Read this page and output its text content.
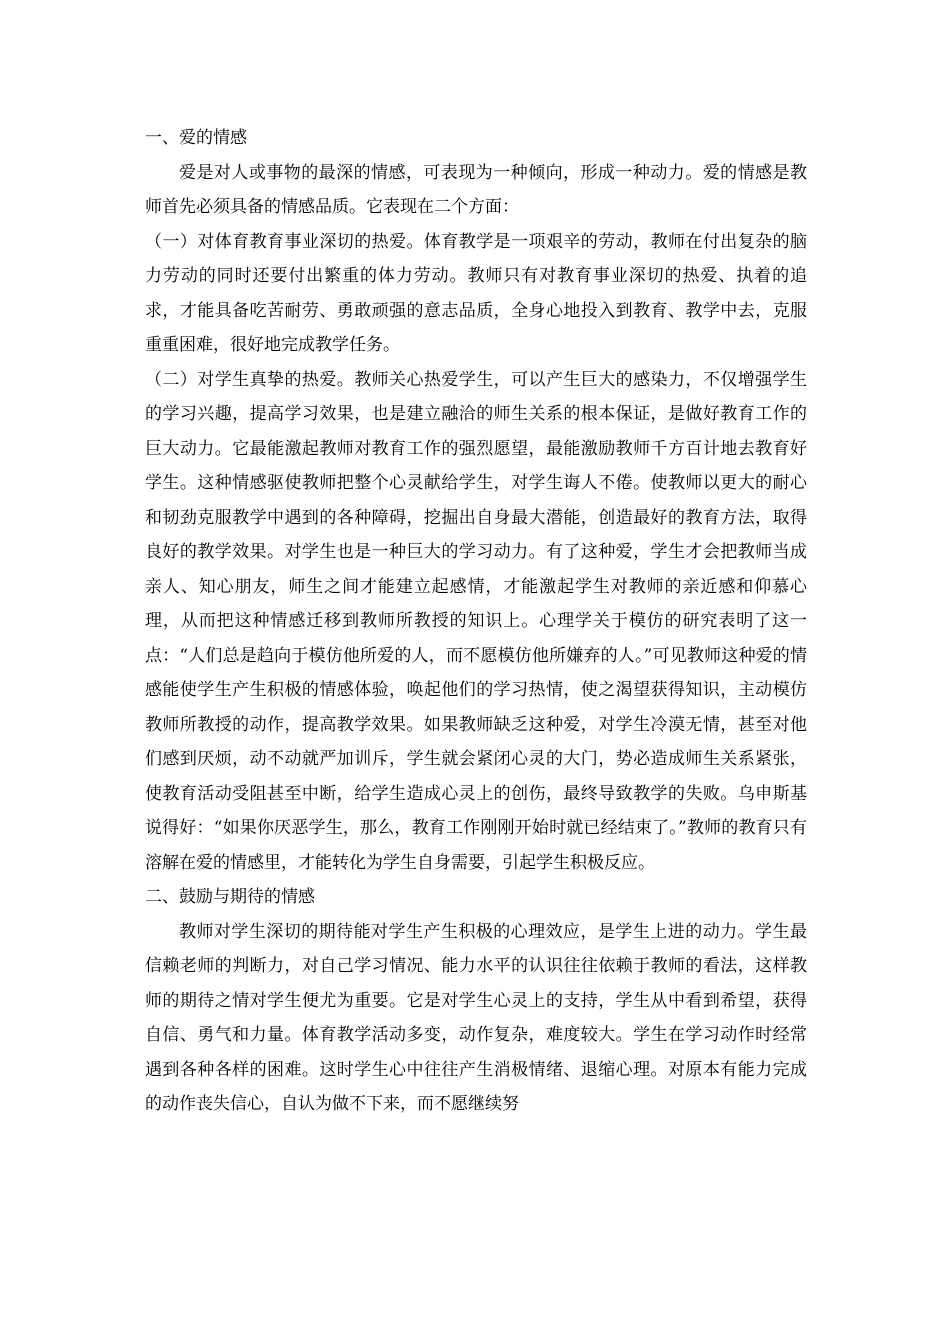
一、爱的情感

爱是对人或事物的最深的情感，可表现为一种倾向，形成一种动力。爱的情感是教师首先必须具备的情感品质。它表现在二个方面：

（一）对体育教育事业深切的热爱。体育教学是一项艰辛的劳动，教师在付出复杂的脑力劳动的同时还要付出繁重的体力劳动。教师只有对教育事业深切的热爱、执着的追求，才能具备吃苦耐劳、勇敢顽强的意志品质，全身心地投入到教育、教学中去，克服重重困难，很好地完成教学任务。

（二）对学生真挚的热爱。教师关心热爱学生，可以产生巨大的感染力，不仅增强学生的学习兴趣，提高学习效果，也是建立融洽的师生关系的根本保证，是做好教育工作的巨大动力。它最能激起教师对教育工作的强烈愿望，最能激励教师千方百计地去教育好学生。这种情感驱使教师把整个心灵献给学生，对学生诲人不倦。使教师以更大的耐心和韧劲克服教学中遇到的各种障碍，挖掘出自身最大潜能，创造最好的教育方法，取得良好的教学效果。对学生也是一种巨大的学习动力。有了这种爱，学生才会把教师当成亲人、知心朋友，师生之间才能建立起感情，才能激起学生对教师的亲近感和仰慕心理，从而把这种情感迁移到教师所教授的知识上。心理学关于模仿的研究表明了这一点：“人们总是趋向于模仿他所爱的人，而不愿模仿他所嫌弃的人。”可见教师这种爱的情感能使学生产生积极的情感体验，唤起他们的学习热情，使之渴望获得知识，主动模仿教师所教授的动作，提高教学效果。如果教师缺乏这种爱，对学生冷漠无情，甚至对他们感到厌烦，动不动就严加训斥，学生就会紧闭心灵的大门，势必造成师生关系紧张，使教育活动受阻甚至中断，给学生造成心灵上的创伤，最终导致教学的失败。乌申斯基说得好：“如果你厌恶学生，那么，教育工作刚刚开始时就已经结束了。”教师的教育只有溶解在爱的情感里，才能转化为学生自身需要，引起学生积极反应。

二、鼓励与期待的情感

教师对学生深切的期待能对学生产生积极的心理效应，是学生上进的动力。学生最信赖老师的判断力，对自己学习情况、能力水平的认识往往依赖于教师的看法，这样教师的期待之情对学生便尤为重要。它是对学生心灵上的支持，学生从中看到希望，获得自信、勇气和力量。体育教学活动多变，动作复杂，难度较大。学生在学习动作时经常遇到各种各样的困难。这时学生心中往往产生消极情绪、退缩心理。对原本有能力完成的动作丧失信心，自认为做不下来，而不愿继续努
